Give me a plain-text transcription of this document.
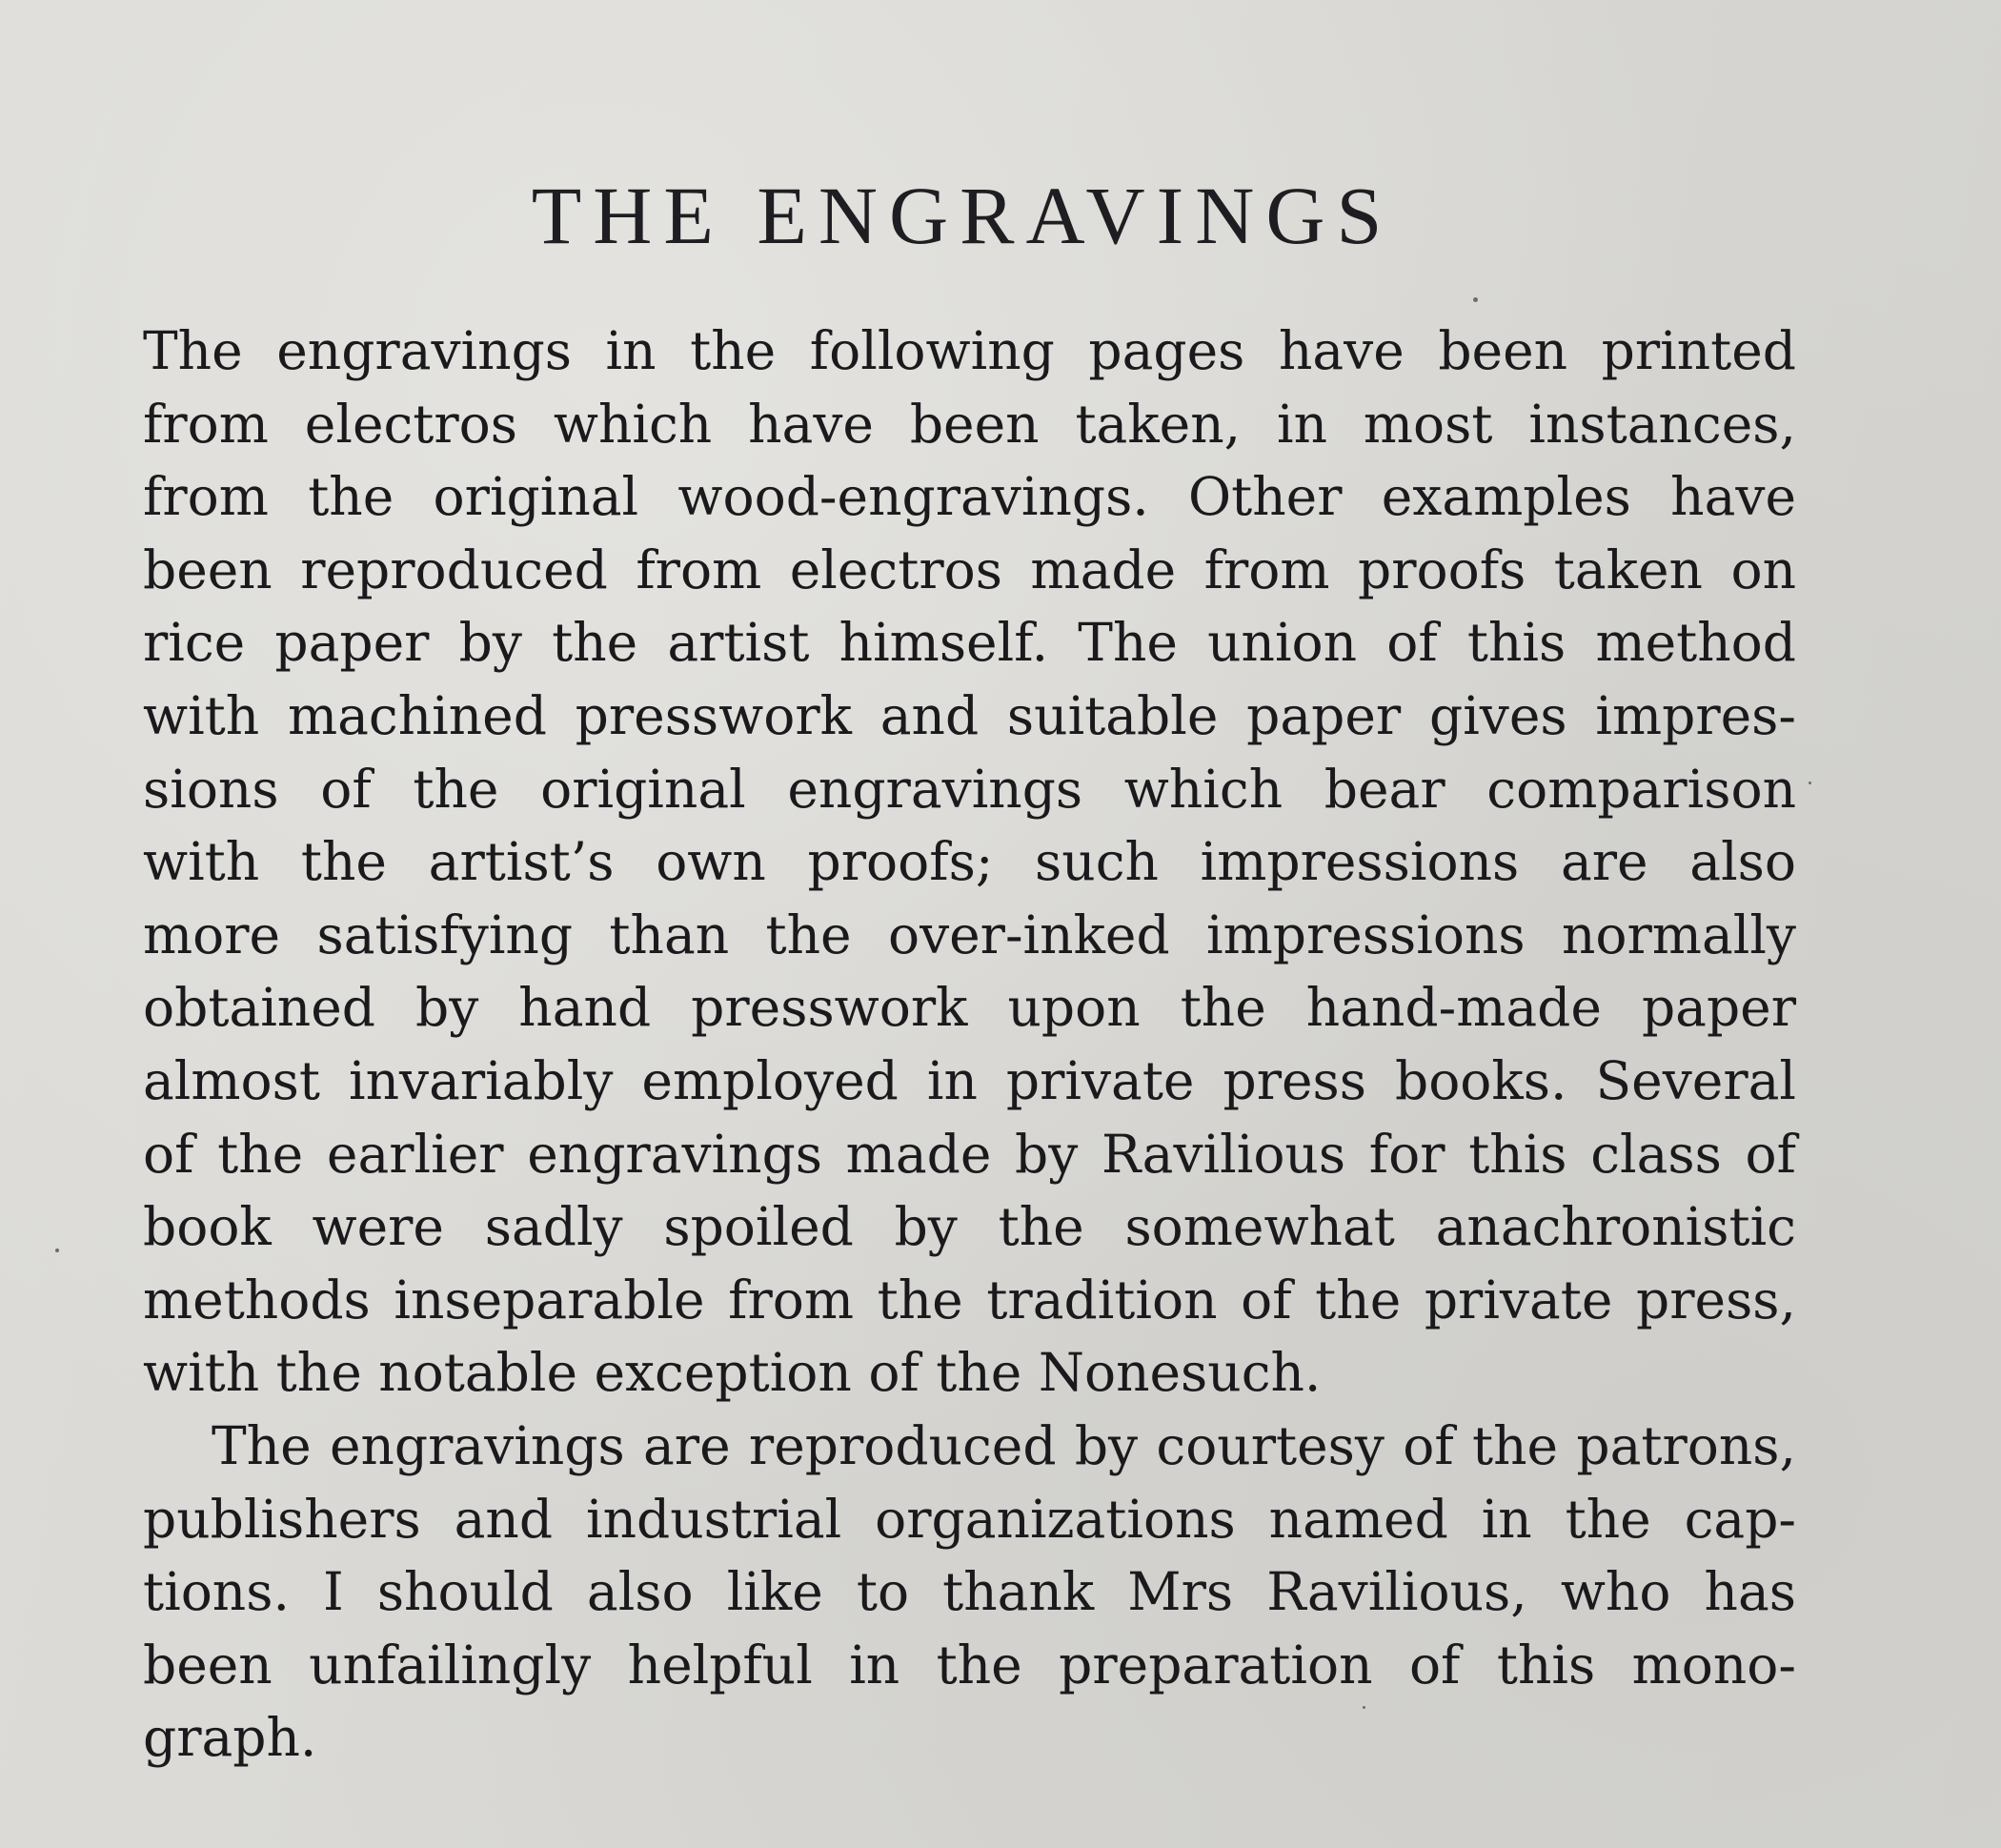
THE ENGRAVINGS
The engravings in the following pages have been printed
from electros which have been taken, in most instances,
from the original wood-engravings. Other examples have
been reproduced from electros made from proofs taken on
rice paper by the artist himself. The union of this method
with machined presswork and suitable paper gives impres-
sions of the original engravings which bear comparison
with the artist’s own proofs; such impressions are also
more satisfying than the over-inked impressions normally
obtained by hand presswork upon the hand-made paper
almost invariably employed in private press books. Several
of the earlier engravings made by Ravilious for this class of
book were sadly spoiled by the somewhat anachronistic
methods inseparable from the tradition of the private press,
with the notable exception of the Nonesuch.
The engravings are reproduced by courtesy of the patrons,
publishers and industrial organizations named in the cap-
tions. I should also like to thank Mrs Ravilious, who has
been unfailingly helpful in the preparation of this mono-
graph.
